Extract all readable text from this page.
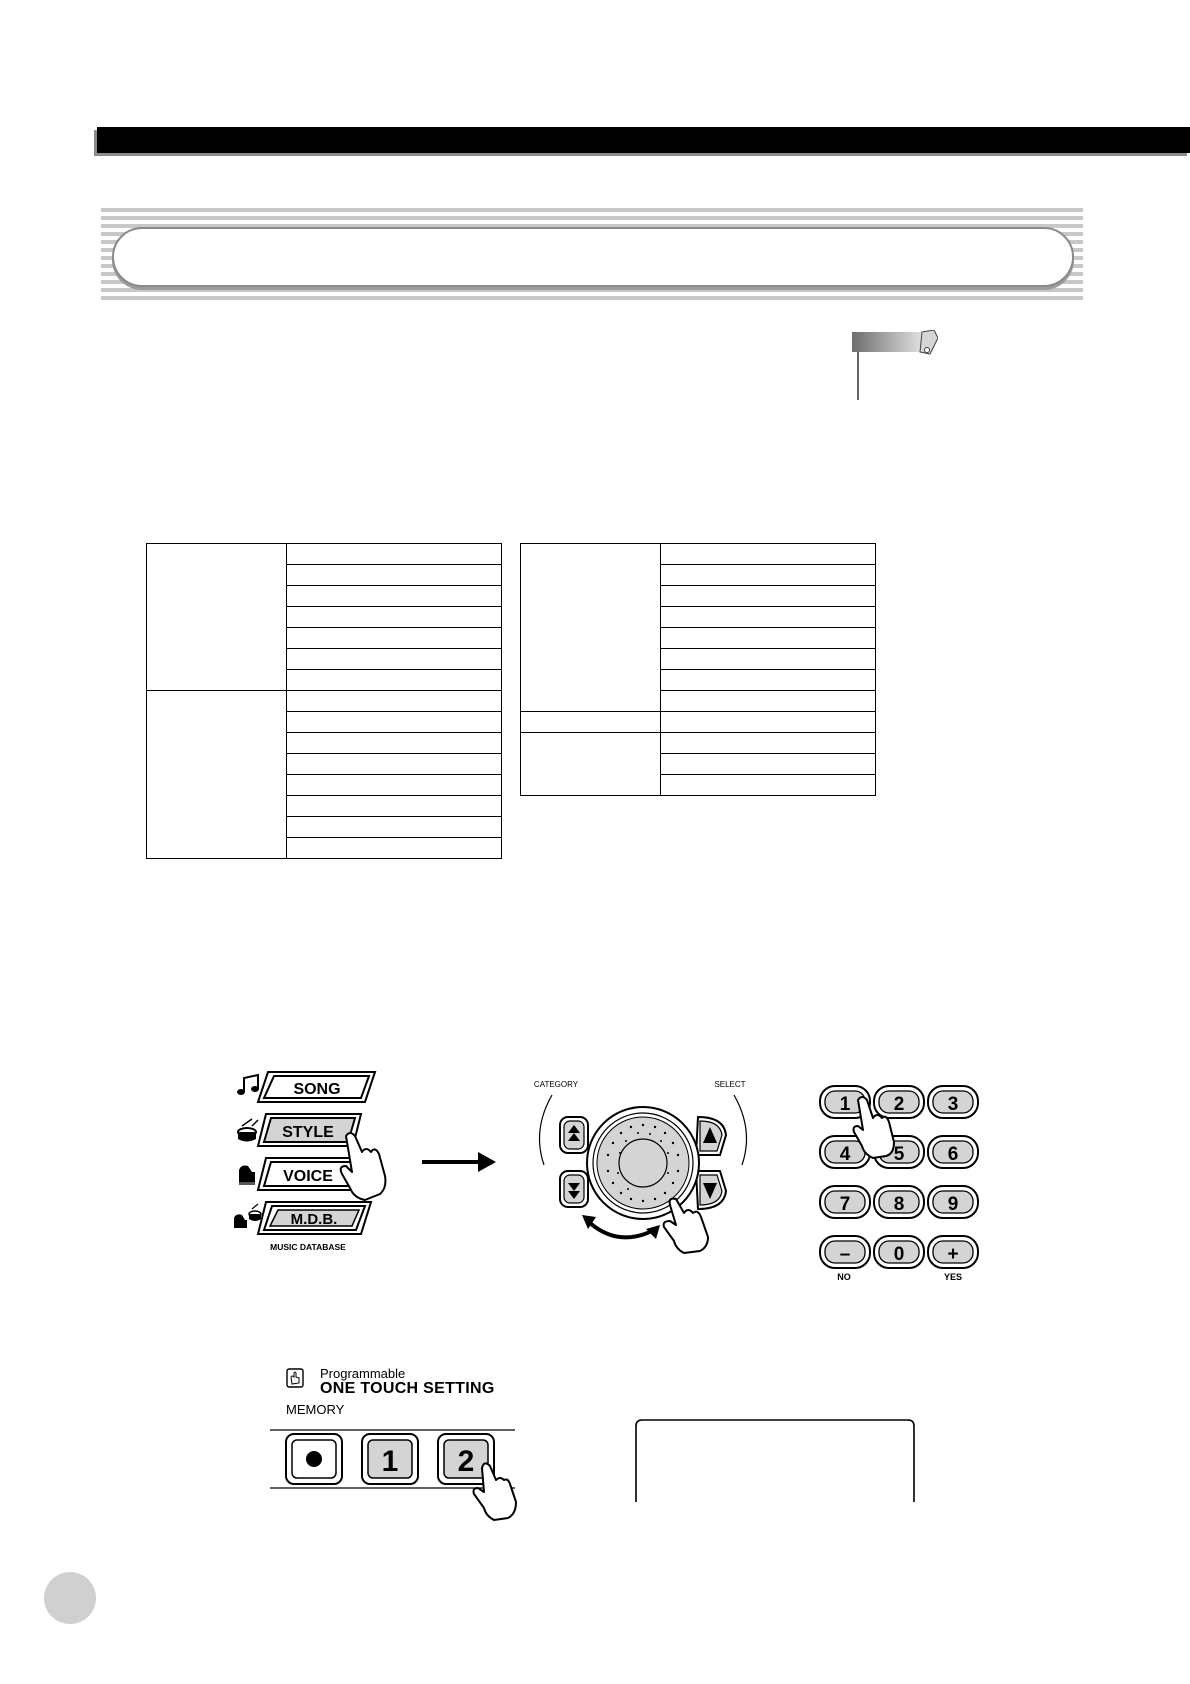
SONG
STYLE
VOICE
M.D.B.
MUSIC DATABASE
CATEGORY	SELECT
1 2 3
4 5 6
7 8 9
– 0 +
NO	YES
Programmable
ONE TOUCH SETTING
MEMORY
1 2
